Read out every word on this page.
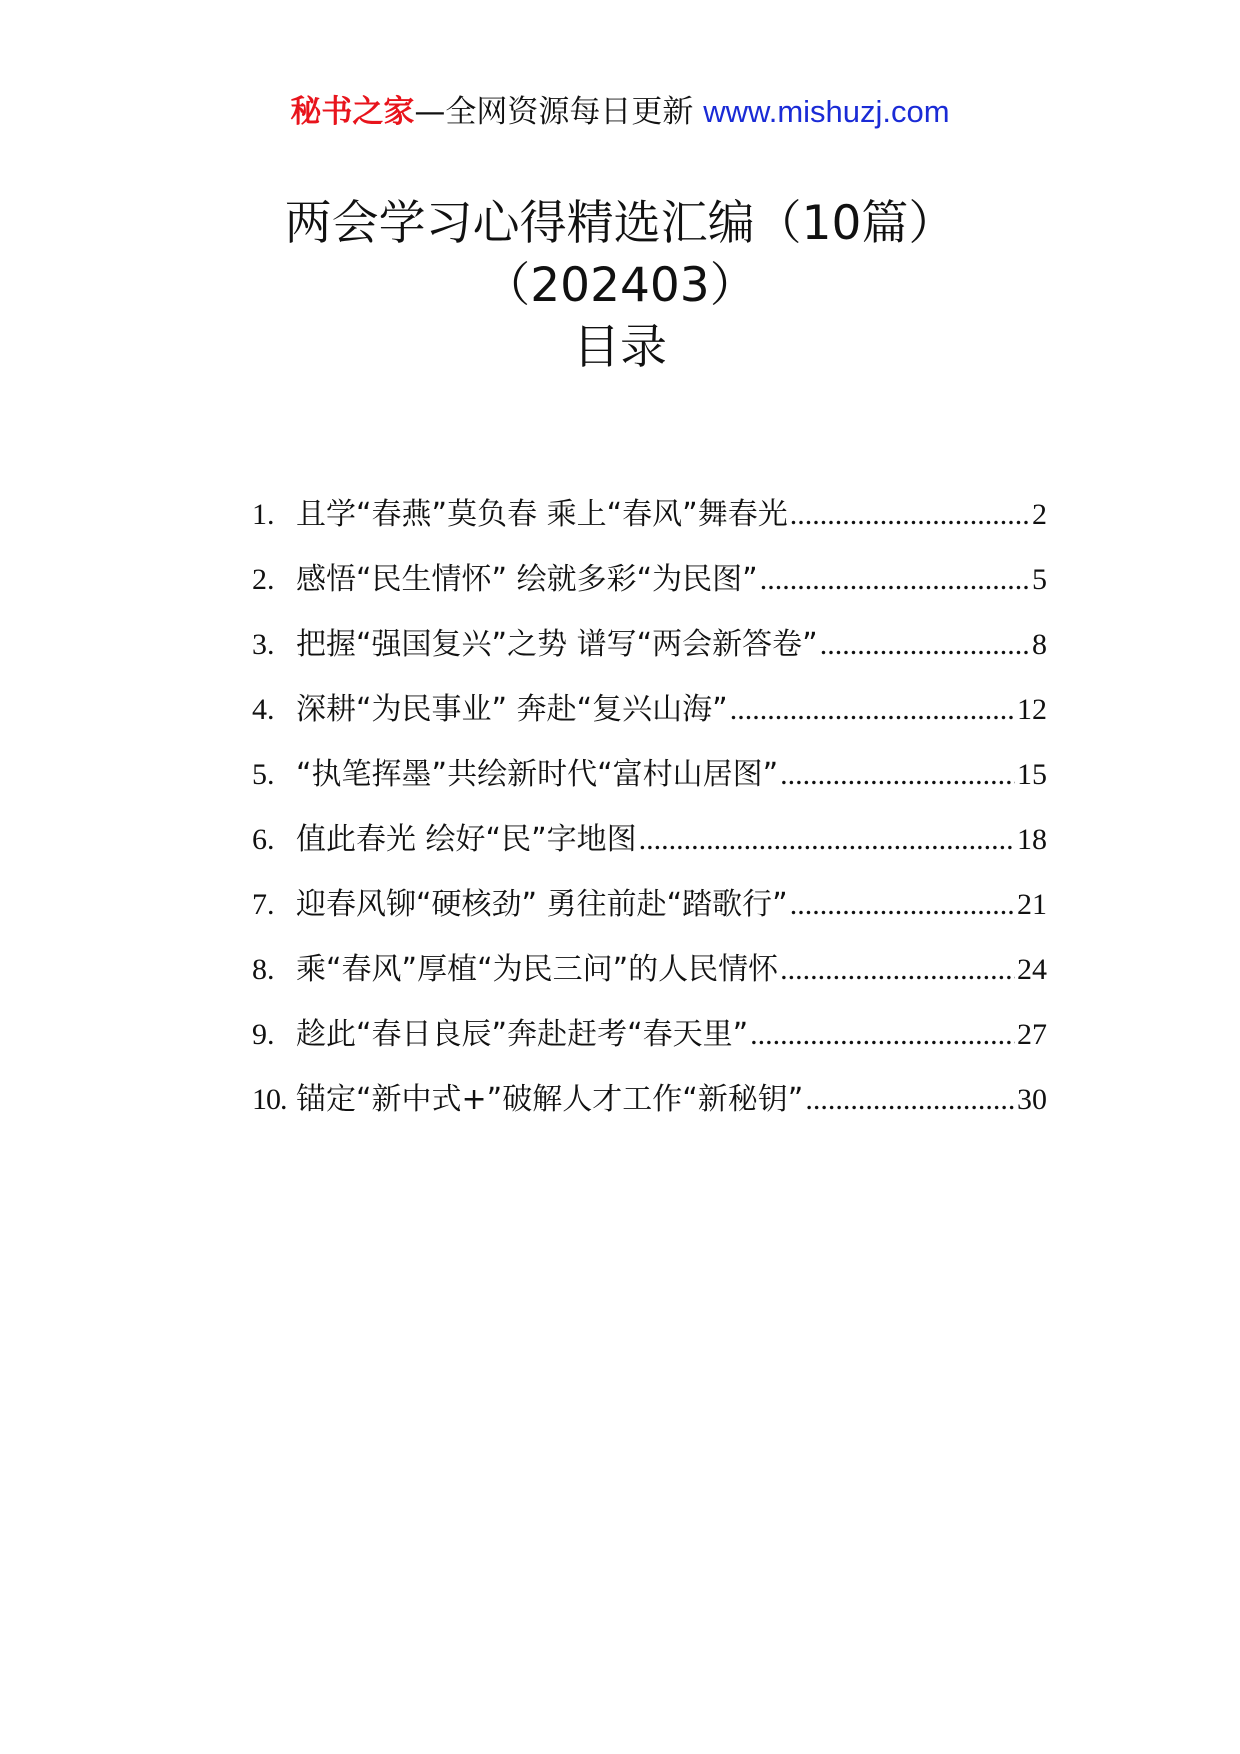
秘书之家—全网资源每日更新 www.mishuzj.com
两会学习心得精选汇编（10篇）
（202403）
目录
1. 且学“春燕”莫负春 乘上“春风”舞春光 .....	2
2. 感悟“民生情怀” 绘就多彩“为民图” .....	5
3. 把握“强国复兴”之势 谱写“两会新答卷” .....	8
4. 深耕“为民事业” 奔赴“复兴山海” .....	12
5. “执笔挥墨”共绘新时代“富村山居图” .....	15
6. 值此春光 绘好“民”字地图 .....	18
7. 迎春风铆“硬核劲” 勇往前赴“踏歌行” .....	21
8. 乘“春风”厚植“为民三问”的人民情怀 .....	24
9. 趁此“春日良辰”奔赴赶考“春天里” .....	27
10. 锚定“新中式+”破解人才工作“新秘钥” .....	30
